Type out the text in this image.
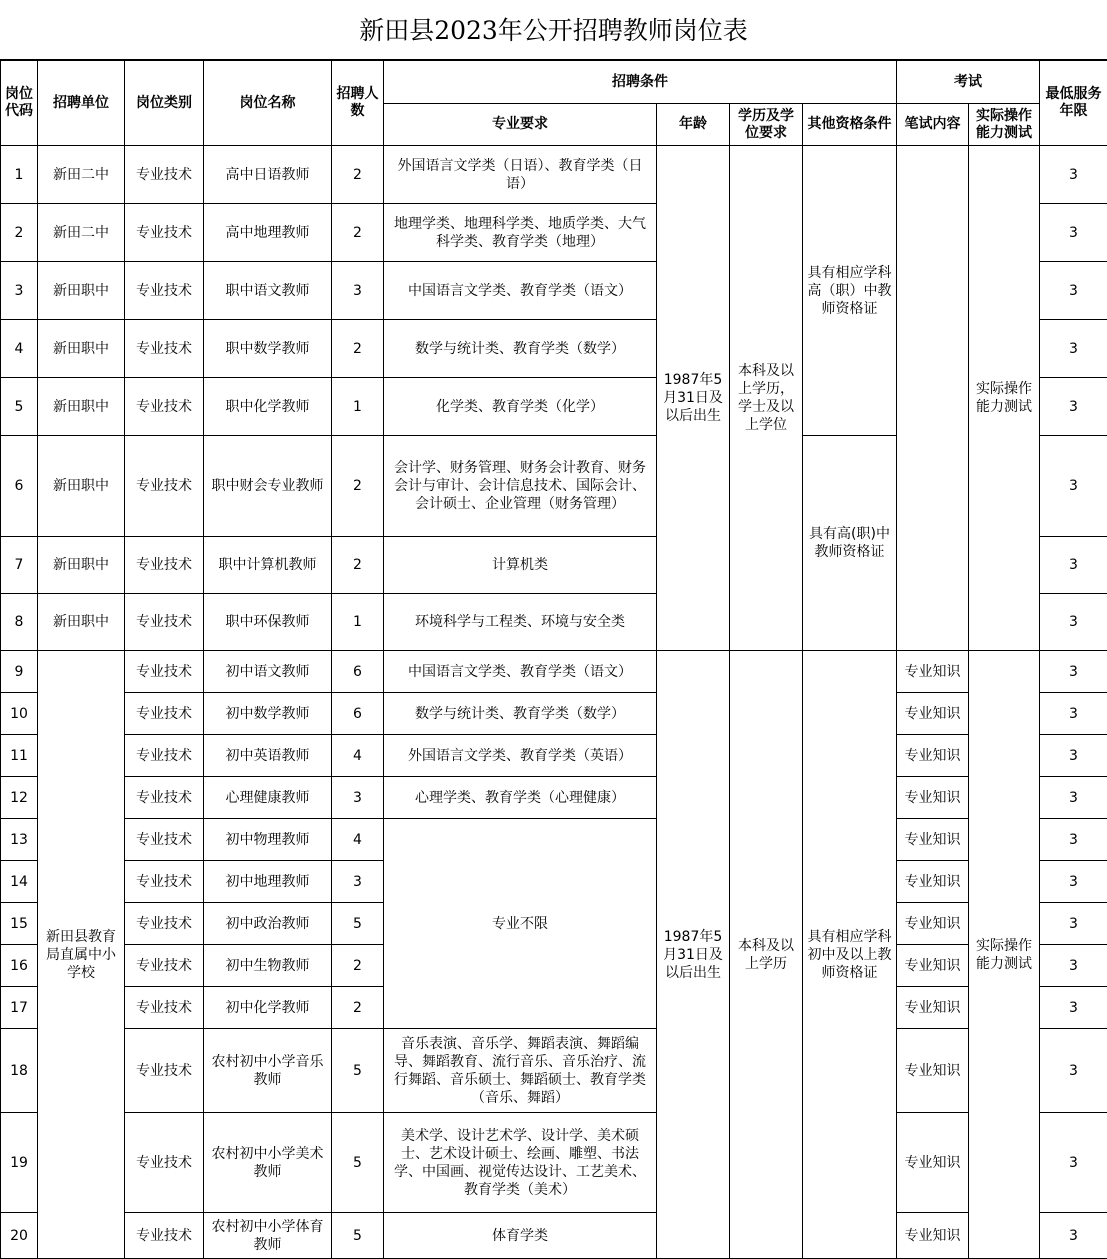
新田县2023年公开招聘教师岗位表
岗位代码	招聘单位	岗位类别	岗位名称	招聘人数	招聘条件				考试		最低服务年限
					专业要求	年龄	学历及学位要求	其他资格条件	笔试内容	实际操作能力测试	
1	新田二中	专业技术	高中日语教师	2	外国语言文学类（日语）、教育学类（日语）	1987年5月31日及以后出生	本科及以上学历，学士及以上学位	具有相应学科高（职）中教师资格证		实际操作能力测试	3
2	新田二中	专业技术	高中地理教师	2	地理学类、地理科学类、地质学类、大气科学类、教育学类（地理）						3
3	新田职中	专业技术	职中语文教师	3	中国语言文学类、教育学类（语文）						3
4	新田职中	专业技术	职中数学教师	2	数学与统计类、教育学类（数学）						3
5	新田职中	专业技术	职中化学教师	1	化学类、教育学类（化学）						3
6	新田职中	专业技术	职中财会专业教师	2	会计学、财务管理、财务会计教育、财务会计与审计、会计信息技术、国际会计、会计硕士、企业管理（财务管理）			具有高(职)中教师资格证			3
7	新田职中	专业技术	职中计算机教师	2	计算机类						3
8	新田职中	专业技术	职中环保教师	1	环境科学与工程类、环境与安全类						3
9	新田县教育局直属中小学校	专业技术	初中语文教师	6	中国语言文学类、教育学类（语文）	1987年5月31日及以后出生	本科及以上学历	具有相应学科初中及以上教师资格证	专业知识	实际操作能力测试	3
10		专业技术	初中数学教师	6	数学与统计类、教育学类（数学）				专业知识		3
11		专业技术	初中英语教师	4	外国语言文学类、教育学类（英语）				专业知识		3
12		专业技术	心理健康教师	3	心理学类、教育学类（心理健康）				专业知识		3
13		专业技术	初中物理教师	4	专业不限				专业知识		3
14		专业技术	初中地理教师	3					专业知识		3
15		专业技术	初中政治教师	5					专业知识		3
16		专业技术	初中生物教师	2					专业知识		3
17		专业技术	初中化学教师	2					专业知识		3
18		专业技术	农村初中小学音乐教师	5	音乐表演、音乐学、舞蹈表演、舞蹈编导、舞蹈教育、流行音乐、音乐治疗、流行舞蹈、音乐硕士、舞蹈硕士、教育学类（音乐、舞蹈）				专业知识		3
19		专业技术	农村初中小学美术教师	5	美术学、设计艺术学、设计学、美术硕士、艺术设计硕士、绘画、雕塑、书法学、中国画、视觉传达设计、工艺美术、教育学类（美术）				专业知识		3
20		专业技术	农村初中小学体育教师	5	体育学类				专业知识		3
